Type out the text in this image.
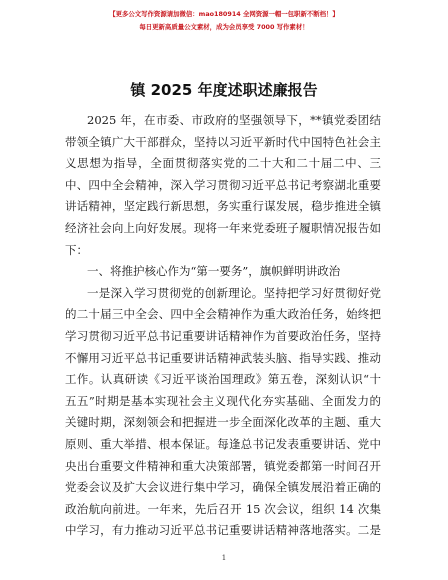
【更多公文写作资源请加微信：mao180914 全网资源一帽一包职新不断档！】
每日更新高质量公文素材，成为会员享受 7000 写作素材！
镇 2025 年度述职述廉报告
2025 年，在市委、市政府的坚强领导下，**镇党委团结
带领全镇广大干部群众，坚持以习近平新时代中国特色社会主
义思想为指导，全面贯彻落实党的二十大和二十届二中、三
中、四中全会精神，深入学习贯彻习近平总书记考察湖北重要
讲话精神，坚定践行新思想，务实重行谋发展，稳步推进全镇
经济社会向上向好发展。现将一年来党委班子履职情况报告如
下：
一、将推护核心作为“第一要务”，旗帜鲜明讲政治
一是深入学习贯彻党的创新理论。坚持把学习好贯彻好党
的二十届三中全会、四中全会精神作为重大政治任务，始终把
学习贯彻习近平总书记重要讲话精神作为首要政治任务，坚持
不懈用习近平总书记重要讲话精神武装头脑、指导实践、推动
工作。认真研读《习近平谈治国理政》第五卷，深刻认识“十
五五”时期是基本实现社会主义现代化夯实基础、全面发力的
关键时期，深刻领会和把握进一步全面深化改革的主题、重大
原则、重大举措、根本保证。每逢总书记发表重要讲话、党中
央出台重要文件精神和重大决策部署，镇党委都第一时间召开
党委会议及扩大会议进行集中学习，确保全镇发展沿着正确的
政治航向前进。一年来，先后召开 15 次会议，组织 14 次集
中学习，有力推动习近平总书记重要讲话精神落地落实。二是
1
